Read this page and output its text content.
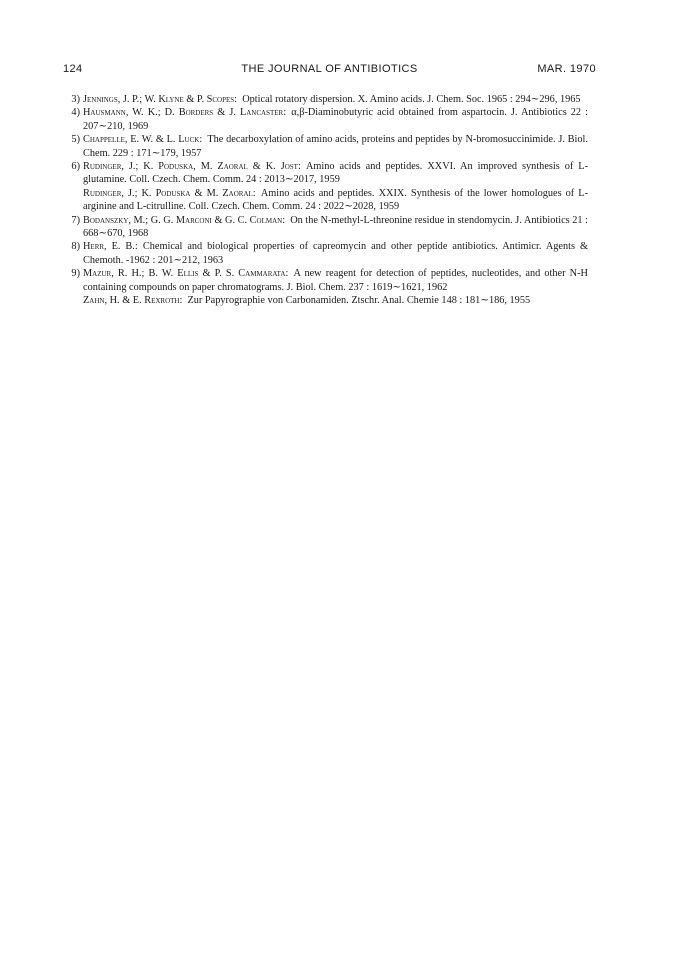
124	THE JOURNAL OF ANTIBIOTICS	MAR. 1970
3) Jennings, J. P.; W. Klyne & P. Scopes:  Optical rotatory dispersion. X. Amino acids. J. Chem. Soc. 1965 : 294∼296, 1965
4) Hausmann, W. K.; D. Borders & J. Lancaster:  α,β-Diaminobutyric acid obtained from aspartocin. J. Antibiotics 22 : 207∼210, 1969
5) Chappelle, E. W. & L. Luck:  The decarboxylation of amino acids, proteins and peptides by N-bromosuccinimide. J. Biol. Chem. 229 : 171∼179, 1957
6) Rudinger, J.; K. Poduska, M. Zaoral & K. Jost:  Amino acids and peptides. XXVI. An improved synthesis of L-glutamine. Coll. Czech. Chem. Comm. 24 : 2013∼2017, 1959
Rudinger, J.; K. Poduska & M. Zaoral:  Amino acids and peptides. XXIX. Synthesis of the lower homologues of L-arginine and L-citrulline. Coll. Czech. Chem. Comm. 24 : 2022∼2028, 1959
7) Bodanszky, M.; G. G. Marconi & G. C. Colman:  On the N-methyl-L-threonine residue in stendomycin. J. Antibiotics 21 : 668∼670, 1968
8) Herr, E. B.:  Chemical and biological properties of capreomycin and other peptide antibiotics. Antimicr. Agents & Chemoth. -1962 : 201∼212, 1963
9) Mazur, R. H.; B. W. Ellis & P. S. Cammarata:  A new reagent for detection of peptides, nucleotides, and other N-H containing compounds on paper chromatograms. J. Biol. Chem. 237 : 1619∼1621, 1962
Zahn, H. & E. Rexroth:  Zur Papyrographie von Carbonamiden. Ztschr. Anal. Chemie 148 : 181∼186, 1955
